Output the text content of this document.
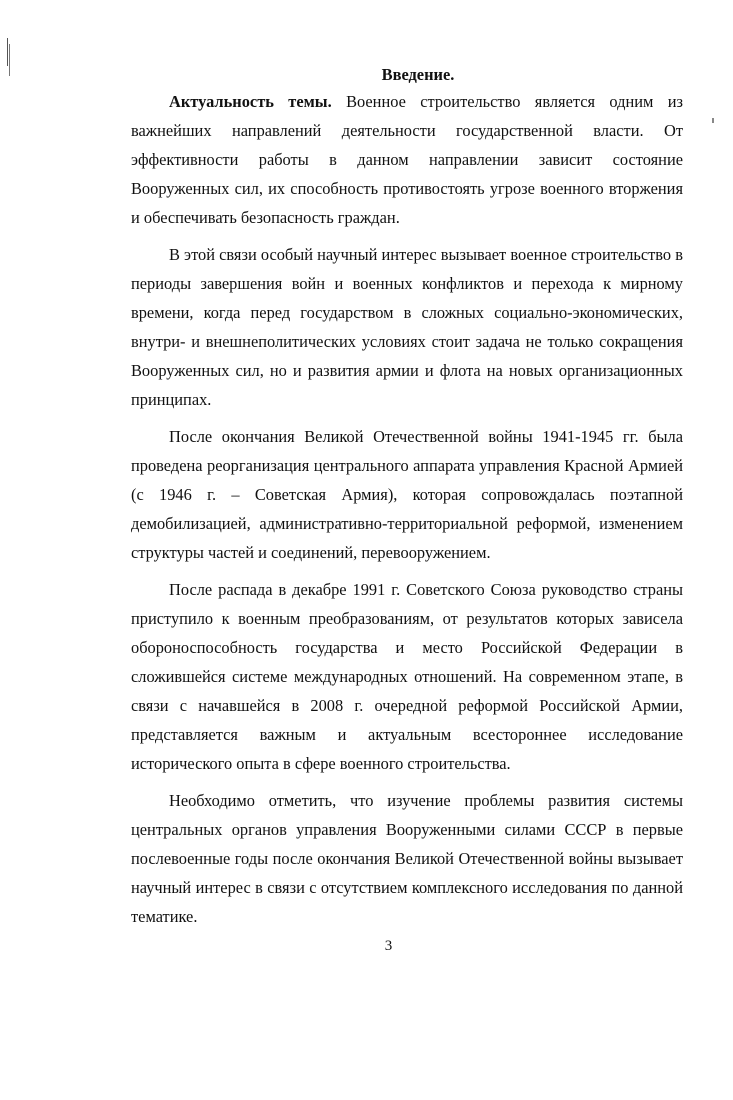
Введение.

Актуальность темы. Военное строительство является одним из важнейших направлений деятельности государственной власти. От эффективности работы в данном направлении зависит состояние Вооруженных сил, их способность противостоять угрозе военного вторжения и обеспечивать безопасность граждан.

В этой связи особый научный интерес вызывает военное строительство в периоды завершения войн и военных конфликтов и перехода к мирному времени, когда перед государством в сложных социально-экономических, внутри- и внешнеполитических условиях стоит задача не только сокращения Вооруженных сил, но и развития армии и флота на новых организационных принципах.

После окончания Великой Отечественной войны 1941-1945 гг. была проведена реорганизация центрального аппарата управления Красной Армией (с 1946 г. – Советская Армия), которая сопровождалась поэтапной демобилизацией, административно-территориальной реформой, изменением структуры частей и соединений, перевооружением.

После распада в декабре 1991 г. Советского Союза руководство страны приступило к военным преобразованиям, от результатов которых зависела обороноспособность государства и место Российской Федерации в сложившейся системе международных отношений. На современном этапе, в связи с начавшейся в 2008 г. очередной реформой Российской Армии, представляется важным и актуальным всестороннее исследование исторического опыта в сфере военного строительства.

Необходимо отметить, что изучение проблемы развития системы центральных органов управления Вооруженными силами СССР в первые послевоенные годы после окончания Великой Отечественной войны вызывает научный интерес в связи с отсутствием комплексного исследования по данной тематике.

3
